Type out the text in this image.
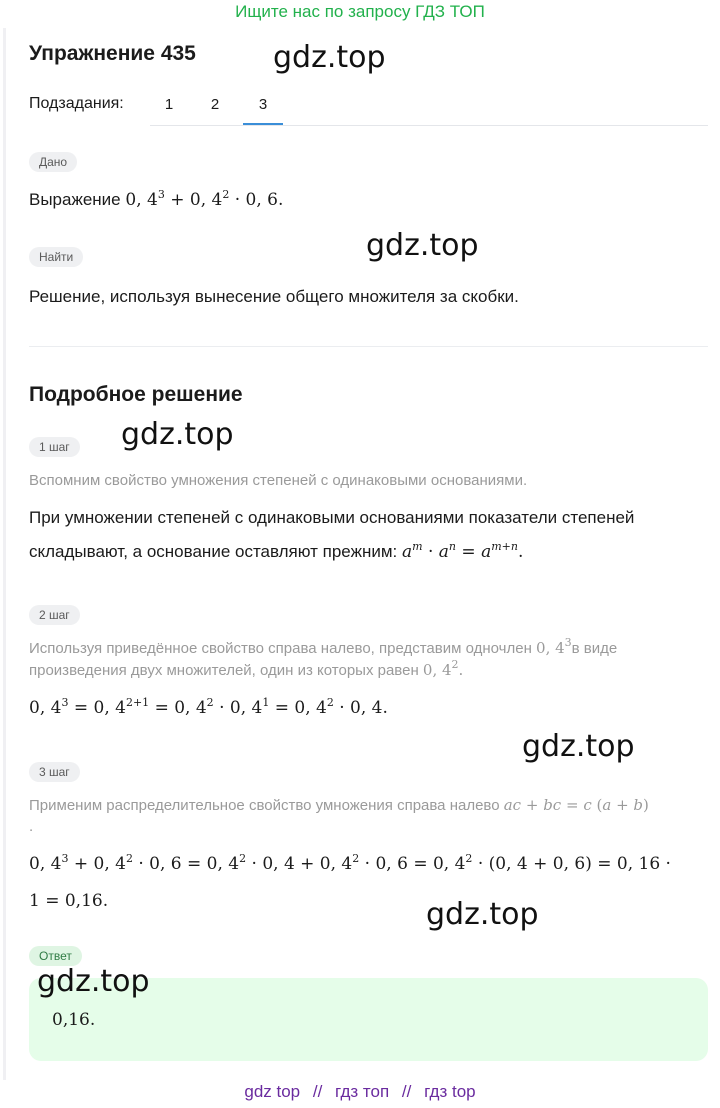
Ищите нас по запросу ГДЗ ТОП
Упражнение 435	gdz.top
Подзадания:	1	2	3
Дано
Выражение 0, $4^3 + 0$, $4^2 \cdot 0$, 6.
gdz.top
Найти
Решение, используя вынесение общего множителя за скобки.
Подробное решение
gdz.top
1 шаг
Вспомним свойство умножения степеней с одинаковыми основаниями.
При умножении степеней с одинаковыми основаниями показатели степеней
складывают, а основание оставляют прежним: $a^m \cdot a^n = a^{m+n}$.
2 шаг
Используя приведённое свойство справа налево, представим одночлен 0, $4^3в$ виде
произведения двух множителей, один из которых равен 0, $4^2$.
0, $4^3 = 0$, $4^{2+1} = 0$, $4^2 \cdot 0$, $4^1 = 0$, $4^2 \cdot 0$, 4.
gdz.top
3 шаг
Применим распределительное свойство умножения справа налево ac + bc = c (a + b)
.
0, $4^3 + 0$, $4^2 \cdot 0$, 6 = 0, $4^2 \cdot 0$, 4 + 0, $4^2 \cdot 0$, 6 = 0, $4^2 \cdot (0$, 4 + 0, 6) = 0, 16 ·
1 = 0,16.	gdz.top
Ответ
gdz.top
0,16.
gdz top // гдз топ // гдз top
